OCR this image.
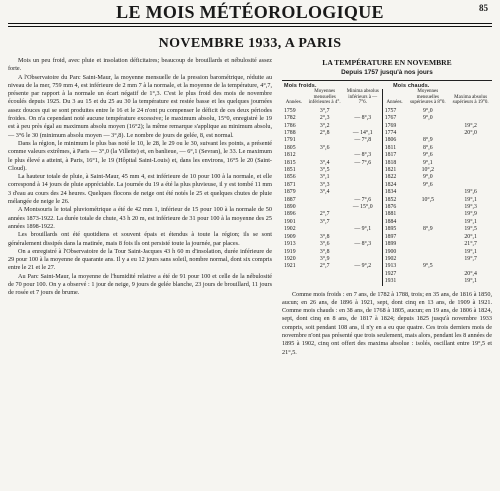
LE MOIS MÉTÉOROLOGIQUE	85
NOVEMBRE 1933, A PARIS

Mois un peu froid, avec pluie et insolation déficitaires; beaucoup de brouillards et nébulosité assez forte.

A l'Observatoire du Parc Saint-Maur, la moyenne mensuelle de la pression barométrique, réduite au niveau de la mer, 759 mm 4, est inférieure de 2 mm 7 à la normale, et la moyenne de la température, 4°,7, présente par rapport à la normale un écart négatif de 1°,3. C'est le plus froid des mois de novembre écoulés depuis 1925. Du 3 au 15 et du 25 au 30 la température est restée basse et les quelques journées assez douces qui se sont produites entre le 16 et le 24 n'ont pu compenser le déficit de ces deux périodes froides. On n'a cependant noté aucune température excessive; le maximum absolu, 15°0, enregistré le 19 est à peu près égal au maximum absolu moyen (16°2); la même remarque s'applique au minimum absolu, — 3°6 le 30 (minimum absolu moyen — 3°,8). Le nombre de jours de gelée, 8, est normal.

Dans la région, le minimum le plus bas noté le 10, le 28, le 29 ou le 30, suivant les points, a présenté comme valeurs extrêmes, à Paris — 3°,0 (la Villette) et, en banlieue, — 6°,1 (Sevran), le 33. Le maximum le plus élevé a atteint, à Paris, 16°1, le 19 (Hôpital Saint-Louis) et, dans les environs, 16°5 le 20 (Saint-Cloud).

La hauteur totale de pluie, à Saint-Maur, 45 mm 4, est inférieure de 10 pour 100 à la normale, et elle correspond à 14 jours de pluie appréciable. La journée du 19 a été la plus pluvieuse, il y est tombé 11 mm 3 d'eau au cours des 24 heures. Quelques flocons de neige ont été notés le 25 et quelques chutes de pluie mélangée de neige le 26.

A Montsouris le total pluviométrique a été de 42 mm 1, inférieur de 15 pour 100 à la normale de 50 années 1873-1922. La durée totale de chute, 43 h 20 m, est inférieure de 31 pour 100 à la moyenne des 25 années 1898-1922.

Les brouillards ont été quotidiens et souvent épais et étendus à toute la région; ils se sont généralement dissipés dans la matinée, mais 8 fois ils ont persisté toute la journée, par places.

On a enregistré à l'Observatoire de la Tour Saint-Jacques 43 h 60 m d'insolation, durée inférieure de 29 pour 100 à la moyenne de quarante ans. Il y a eu 12 jours sans soleil, nombre normal, dont six compris entre le 21 et le 27.

Au Parc Saint-Maur, la moyenne de l'humidité relative a été de 91 pour 100 et celle de la nébulosité de 70 pour 100. On y a observé : 1 jour de neige, 9 jours de gelée blanche, 23 jours de brouillard, 11 jours de rosée et 7 jours de brume.

LA TEMPÉRATURE EN NOVEMBRE
Depuis 1757 jusqu'à nos jours
Mois froids.	Mois chauds.
Années.	Moyennes mensuelles inférieures à 4°.	Minima absolus inférieurs à — 7°6.	Années.	Moyennes mensuelles supérieures à 8°0.	Maxima absolus supérieurs à 19°0.
1759	3°,7		1757	9°,0	
1782	2°,3	— 8°,3	1767	9°,0	
1786	3°,2		1769		19°,2
1788	2°,8	— 14°,1	1774		20°,0
1791		— 7°,8	1806	8°,9	
1805	3°,6		1811	8°,6	
1812		— 8°,3	1817	9°,6	
1815	3°,4	— 7°,6	1818	9°,1	
1851	3°,5		1821	10°,2	
1856	3°,1		1822	9°,0	
1871	3°,3		1824	9°,6	
1879	3°,4		1834		19°,6
1887		— 7°,6	1852	10°,5	19°,1
1890		— 15°,0	1876		19°,3
1896	2°,7		1881		19°,9
1901	3°,7		1884		19°,1
1902		— 9°,1	1895	8°,9	19°,5
1909	3°,8		1897		20°,1
1913	3°,6	— 8°,3	1899		21°,7
1919	3°,8		1900		19°,1
1920	3°,9		1902		19°,7
1921	2°,7	— 9°,2	1913	9°,5	
			1927		20°,4
			1931		19°,1

Comme mois froids : en 7 ans, de 1782 à 1788, trois; en 35 ans, de 1816 à 1850, aucun; en 26 ans, de 1896 à 1921, sept, dont cinq en 13 ans, de 1909 à 1921. Comme mois chauds : en 38 ans, de 1768 à 1805, aucun; en 19 ans, de 1806 à 1824, sept, dont cinq en 8 ans, de 1817 à 1824; depuis 1825 jusqu'à novembre 1933 compris, soit pendant 108 ans, il n'y en a eu que quatre. Ces trois derniers mois de novembre n'ont pas présenté que trois seulement, mais alors, pendant les 8 années de 1895 à 1902, cinq ont offert des maxima absolue : isolés, oscillant entre 19°,5 et 21°,5.
